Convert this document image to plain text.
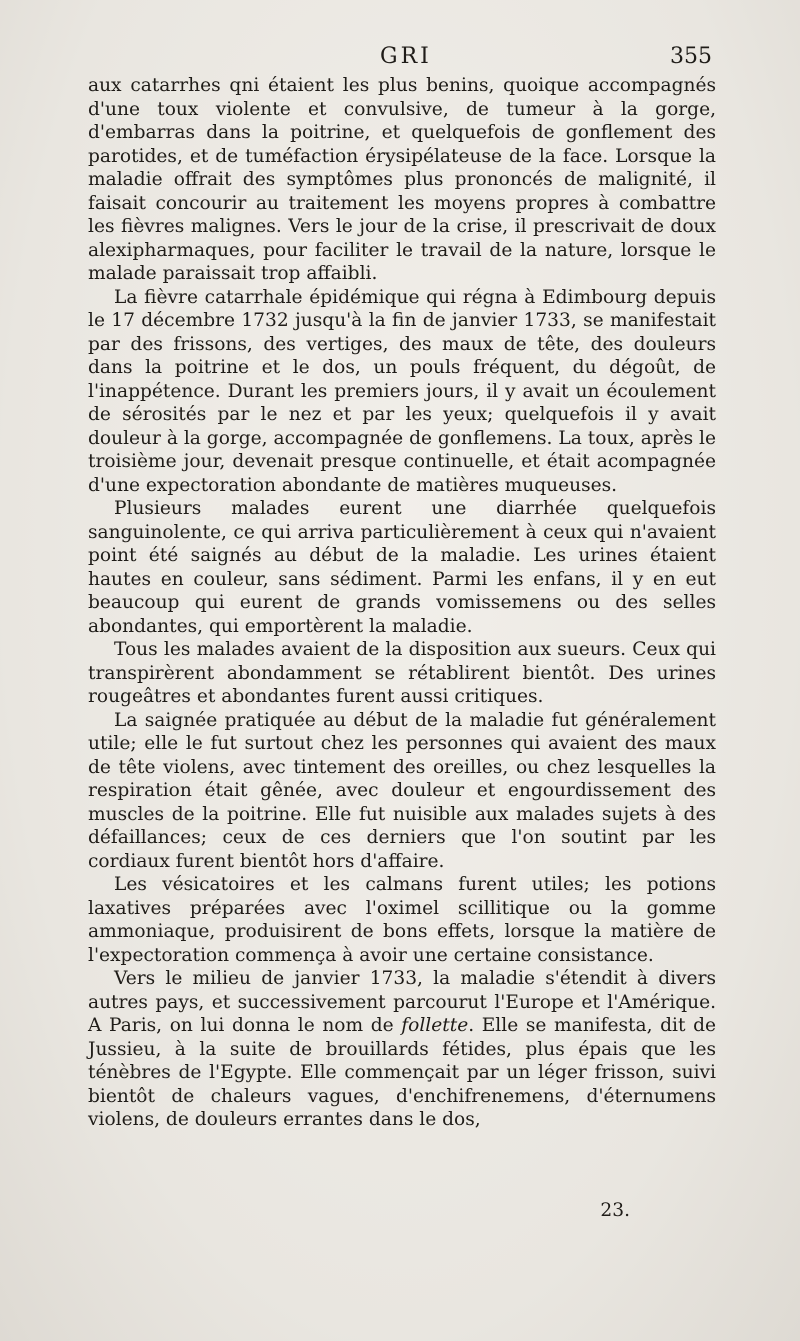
GRI	355

aux catarrhes qni étaient les plus benins, quoique accompagnés d'une toux violente et convulsive, de tumeur à la gorge, d'embarras dans la poitrine, et quelquefois de gonflement des parotides, et de tuméfaction érysipélateuse de la face. Lorsque la maladie offrait des symptômes plus prononcés de malignité, il faisait concourir au traitement les moyens propres à combattre les fièvres malignes. Vers le jour de la crise, il prescrivait de doux alexipharmaques, pour faciliter le travail de la nature, lorsque le malade paraissait trop affaibli.

La fièvre catarrhale épidémique qui régna à Edimbourg depuis le 17 décembre 1732 jusqu'à la fin de janvier 1733, se manifestait par des frissons, des vertiges, des maux de tête, des douleurs dans la poitrine et le dos, un pouls fréquent, du dégoût, de l'inappétence. Durant les premiers jours, il y avait un écoulement de sérosités par le nez et par les yeux; quelquefois il y avait douleur à la gorge, accompagnée de gonflemens. La toux, après le troisième jour, devenait presque continuelle, et était acompagnée d'une expectoration abondante de matières muqueuses.

Plusieurs malades eurent une diarrhée quelquefois sanguinolente, ce qui arriva particulièrement à ceux qui n'avaient point été saignés au début de la maladie. Les urines étaient hautes en couleur, sans sédiment. Parmi les enfans, il y en eut beaucoup qui eurent de grands vomissemens ou des selles abondantes, qui emportèrent la maladie.

Tous les malades avaient de la disposition aux sueurs. Ceux qui transpirèrent abondamment se rétablirent bientôt. Des urines rougeâtres et abondantes furent aussi critiques.

La saignée pratiquée au début de la maladie fut généralement utile; elle le fut surtout chez les personnes qui avaient des maux de tête violens, avec tintement des oreilles, ou chez lesquelles la respiration était gênée, avec douleur et engourdissement des muscles de la poitrine. Elle fut nuisible aux malades sujets à des défaillances; ceux de ces derniers que l'on soutint par les cordiaux furent bientôt hors d'affaire.

Les vésicatoires et les calmans furent utiles; les potions laxatives préparées avec l'oximel scillitique ou la gomme ammoniaque, produisirent de bons effets, lorsque la matière de l'expectoration commença à avoir une certaine consistance.

Vers le milieu de janvier 1733, la maladie s'étendit à divers autres pays, et successivement parcourut l'Europe et l'Amérique. A Paris, on lui donna le nom de follette. Elle se manifesta, dit de Jussieu, à la suite de brouillards fétides, plus épais que les ténèbres de l'Egypte. Elle commençait par un léger frisson, suivi bientôt de chaleurs vagues, d'enchifrenemens, d'éternumens violens, de douleurs errantes dans le dos,

23.
